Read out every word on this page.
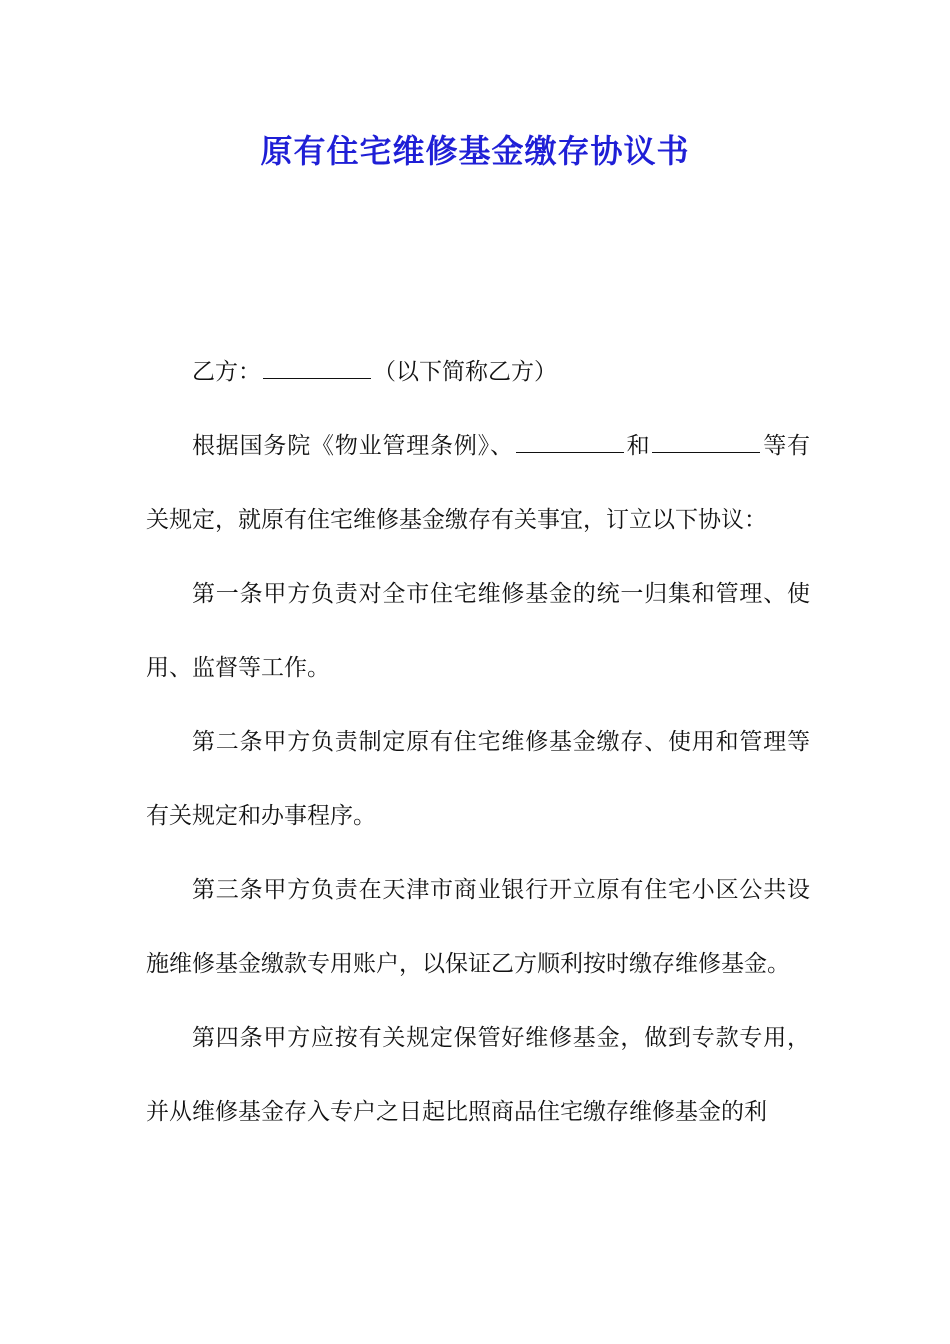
原有住宅维修基金缴存协议书

乙方：	（以下简称乙方）

根据国务院《物业管理条例》、	和	等有关规定，就原有住宅维修基金缴存有关事宜，订立以下协议：

第一条甲方负责对全市住宅维修基金的统一归集和管理、使用、监督等工作。

第二条甲方负责制定原有住宅维修基金缴存、使用和管理等有关规定和办事程序。

第三条甲方负责在天津市商业银行开立原有住宅小区公共设施维修基金缴款专用账户，以保证乙方顺利按时缴存维修基金。

第四条甲方应按有关规定保管好维修基金，做到专款专用，并从维修基金存入专户之日起比照商品住宅缴存维修基金的利
